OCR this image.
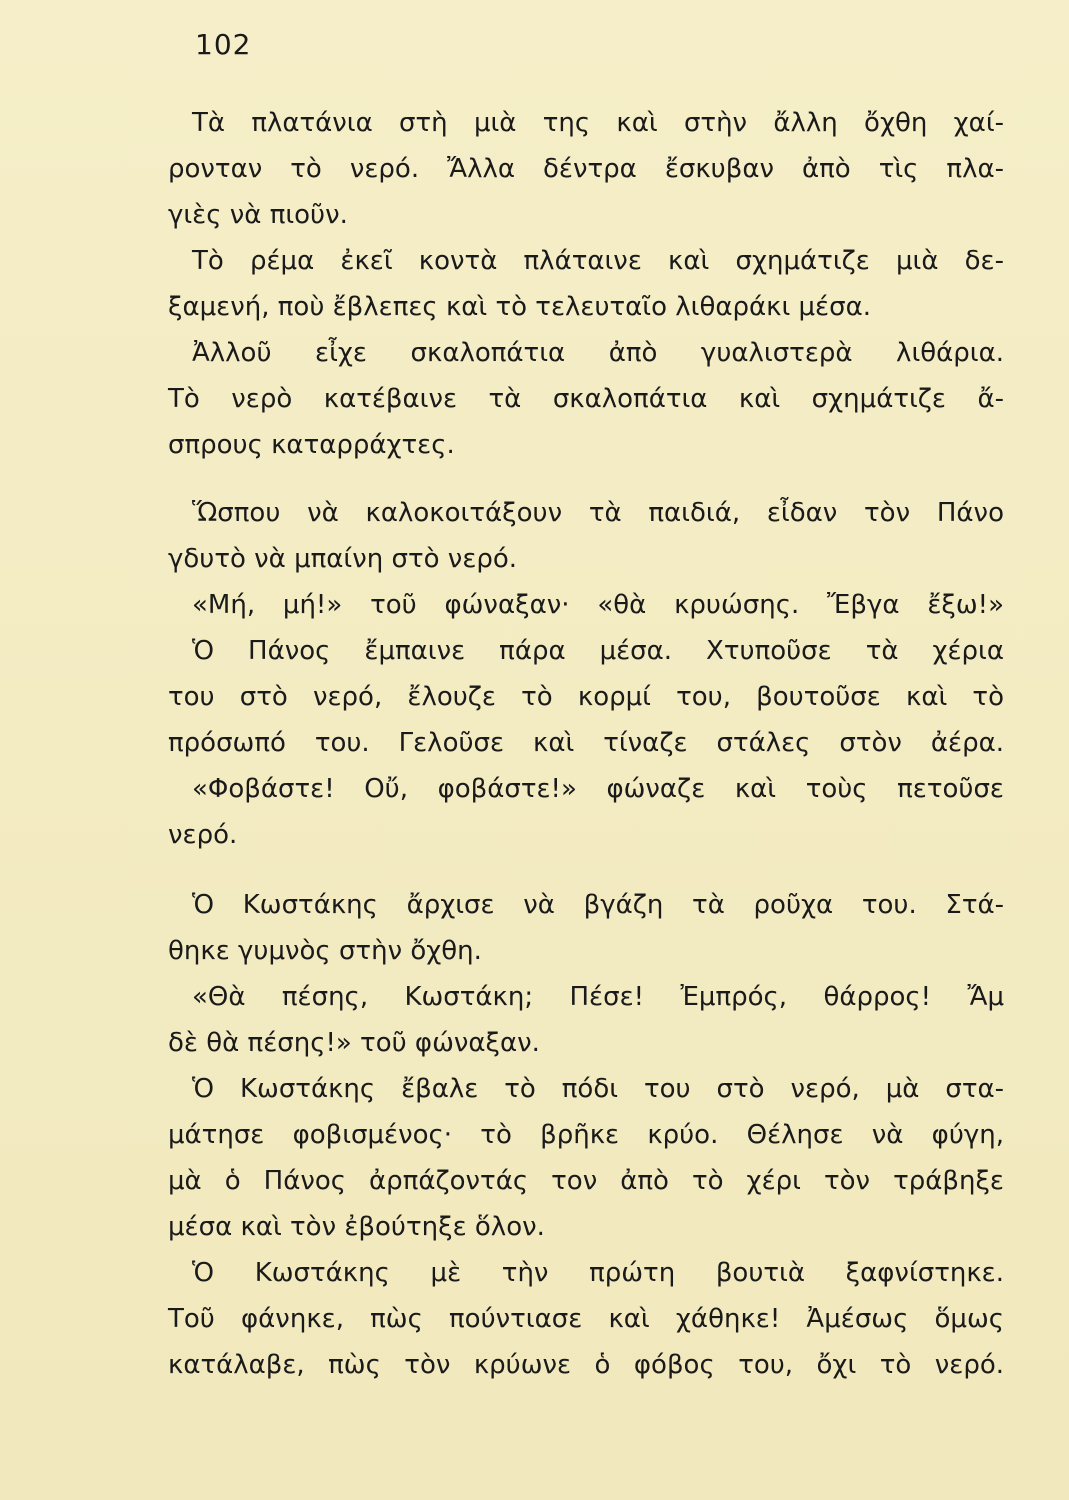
102
Τὰ πλατάνια στὴ μιὰ της καὶ στὴν ἄλλη ὄχθη χαί-
ρονταν τὸ νερό. Ἄλλα δέντρα ἔσκυβαν ἀπὸ τὶς πλα-
γιὲς νὰ πιοῦν.
Τὸ ρέμα ἐκεῖ κοντὰ πλάταινε καὶ σχημάτιζε μιὰ δε-
ξαμενή, ποὺ ἔβλεπες καὶ τὸ τελευταῖο λιθαράκι μέσα.
Ἀλλοῦ εἶχε σκαλοπάτια ἀπὸ γυαλιστερὰ λιθάρια.
Τὸ νερὸ κατέβαινε τὰ σκαλοπάτια καὶ σχημάτιζε ἄ-
σπρους καταρράχτες.
Ὥσπου νὰ καλοκοιτάξουν τὰ παιδιά, εἶδαν τὸν Πάνο
γδυτὸ νὰ μπαίνη στὸ νερό.
«Μή, μή!» τοῦ φώναξαν· «θὰ κρυώσης. Ἔβγα ἔξω!»
Ὁ Πάνος ἔμπαινε πάρα μέσα. Χτυποῦσε τὰ χέρια
του στὸ νερό, ἔλουζε τὸ κορμί του, βουτοῦσε καὶ τὸ
πρόσωπό του. Γελοῦσε καὶ τίναζε στάλες στὸν ἀέρα.
«Φοβάστε! Οὔ, φοβάστε!» φώναζε καὶ τοὺς πετοῦσε
νερό.
Ὁ Κωστάκης ἄρχισε νὰ βγάζη τὰ ροῦχα του. Στά-
θηκε γυμνὸς στὴν ὄχθη.
«Θὰ πέσης, Κωστάκη; Πέσε! Ἐμπρός, θάρρος! Ἄμ
δὲ θὰ πέσης!» τοῦ φώναξαν.
Ὁ Κωστάκης ἔβαλε τὸ πόδι του στὸ νερό, μὰ στα-
μάτησε φοβισμένος· τὸ βρῆκε κρύο. Θέλησε νὰ φύγη,
μὰ ὁ Πάνος ἀρπάζοντάς τον ἀπὸ τὸ χέρι τὸν τράβηξε
μέσα καὶ τὸν ἐβούτηξε ὅλον.
Ὁ Κωστάκης μὲ τὴν πρώτη βουτιὰ ξαφνίστηκε.
Τοῦ φάνηκε, πὼς πούντιασε καὶ χάθηκε! Ἀμέσως ὅμως
κατάλαβε, πὼς τὸν κρύωνε ὁ φόβος του, ὄχι τὸ νερό.
